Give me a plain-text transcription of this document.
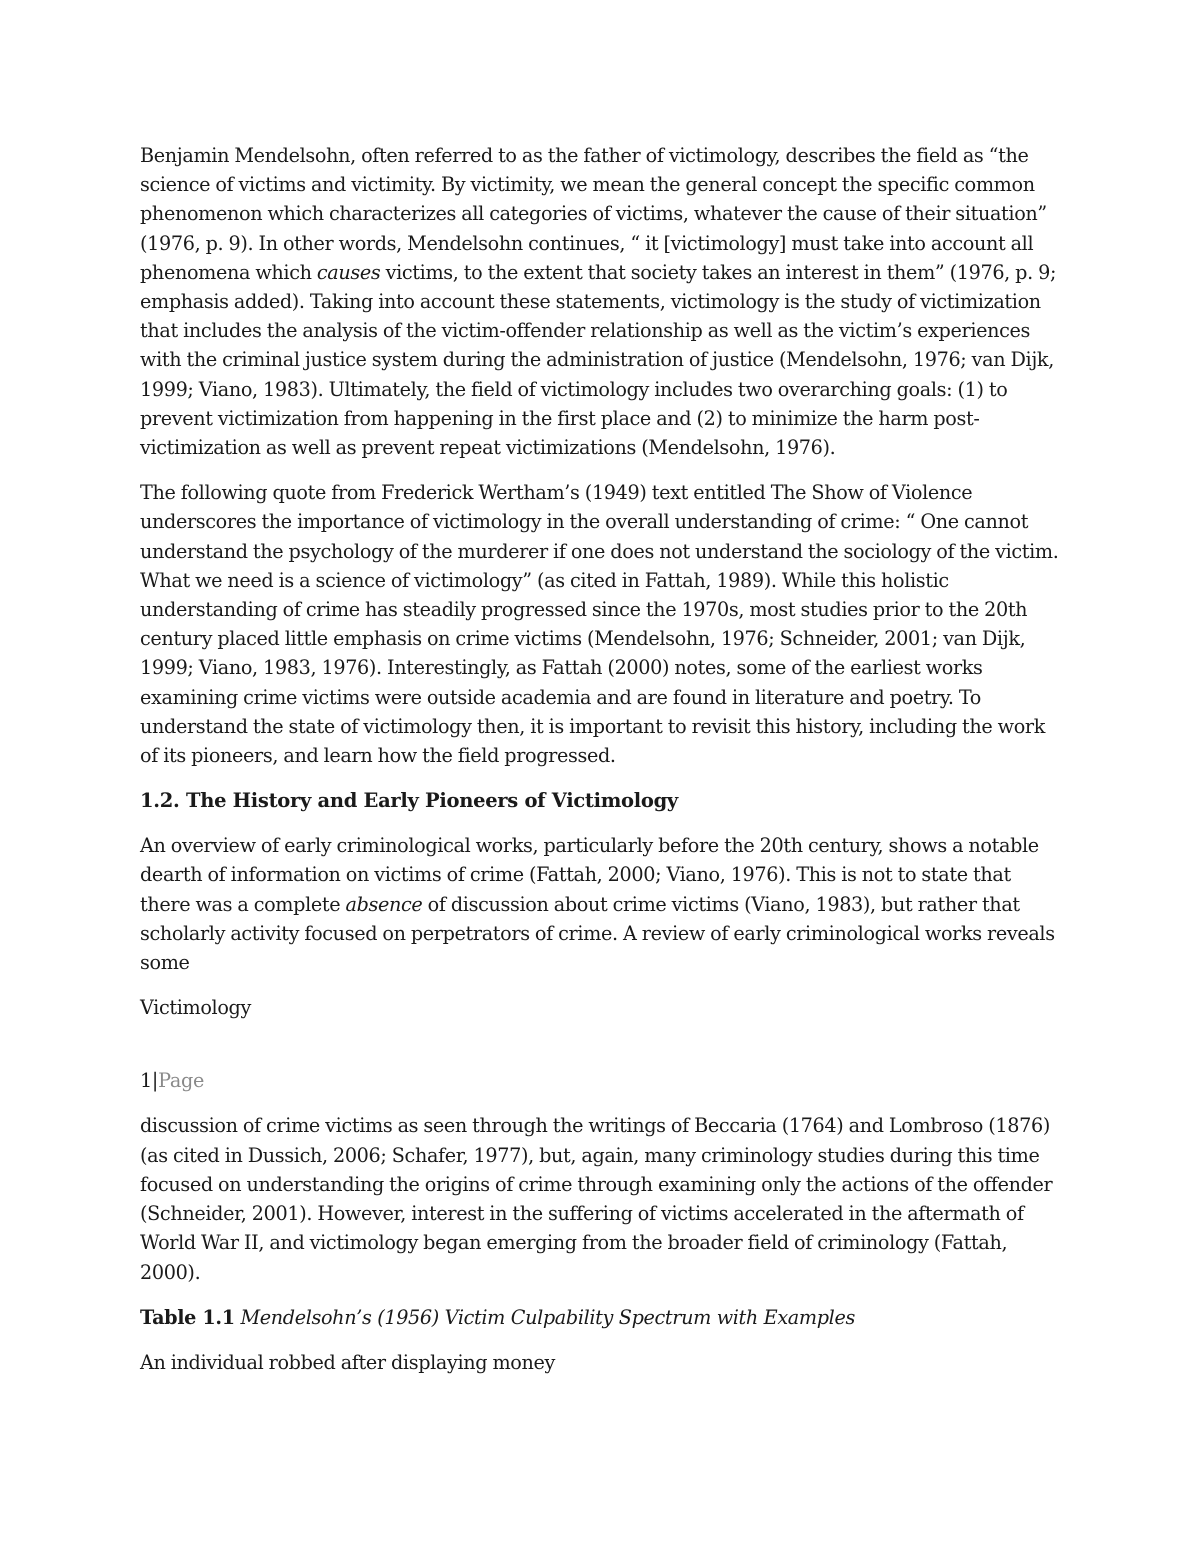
Benjamin Mendelsohn, often referred to as the father of victimology, describes the field as “the science of victims and victimity. By victimity, we mean the general concept the specific common phenomenon which characterizes all categories of victims, whatever the cause of their situation” (1976, p. 9). In other words, Mendelsohn continues, “ it [victimology] must take into account all phenomena which causes victims, to the extent that society takes an interest in them” (1976, p. 9; emphasis added). Taking into account these statements, victimology is the study of victimization that includes the analysis of the victim-offender relationship as well as the victim’s experiences with the criminal justice system during the administration of justice (Mendelsohn, 1976; van Dijk, 1999; Viano, 1983). Ultimately, the field of victimology includes two overarching goals: (1) to prevent victimization from happening in the first place and (2) to minimize the harm post-victimization as well as prevent repeat victimizations (Mendelsohn, 1976).

The following quote from Frederick Wertham’s (1949) text entitled The Show of Violence underscores the importance of victimology in the overall understanding of crime: “ One cannot understand the psychology of the murderer if one does not understand the sociology of the victim. What we need is a science of victimology” (as cited in Fattah, 1989). While this holistic understanding of crime has steadily progressed since the 1970s, most studies prior to the 20th century placed little emphasis on crime victims (Mendelsohn, 1976; Schneider, 2001; van Dijk, 1999; Viano, 1983, 1976). Interestingly, as Fattah (2000) notes, some of the earliest works examining crime victims were outside academia and are found in literature and poetry. To understand the state of victimology then, it is important to revisit this history, including the work of its pioneers, and learn how the field progressed.

1.2. The History and Early Pioneers of Victimology

An overview of early criminological works, particularly before the 20th century, shows a notable dearth of information on victims of crime (Fattah, 2000; Viano, 1976). This is not to state that there was a complete absence of discussion about crime victims (Viano, 1983), but rather that scholarly activity focused on perpetrators of crime. A review of early criminological works reveals some

Victimology

1|Page

discussion of crime victims as seen through the writings of Beccaria (1764) and Lombroso (1876) (as cited in Dussich, 2006; Schafer, 1977), but, again, many criminology studies during this time focused on understanding the origins of crime through examining only the actions of the offender (Schneider, 2001). However, interest in the suffering of victims accelerated in the aftermath of World War II, and victimology began emerging from the broader field of criminology (Fattah, 2000).

Table 1.1 Mendelsohn’s (1956) Victim Culpability Spectrum with Examples

An individual robbed after displaying money
